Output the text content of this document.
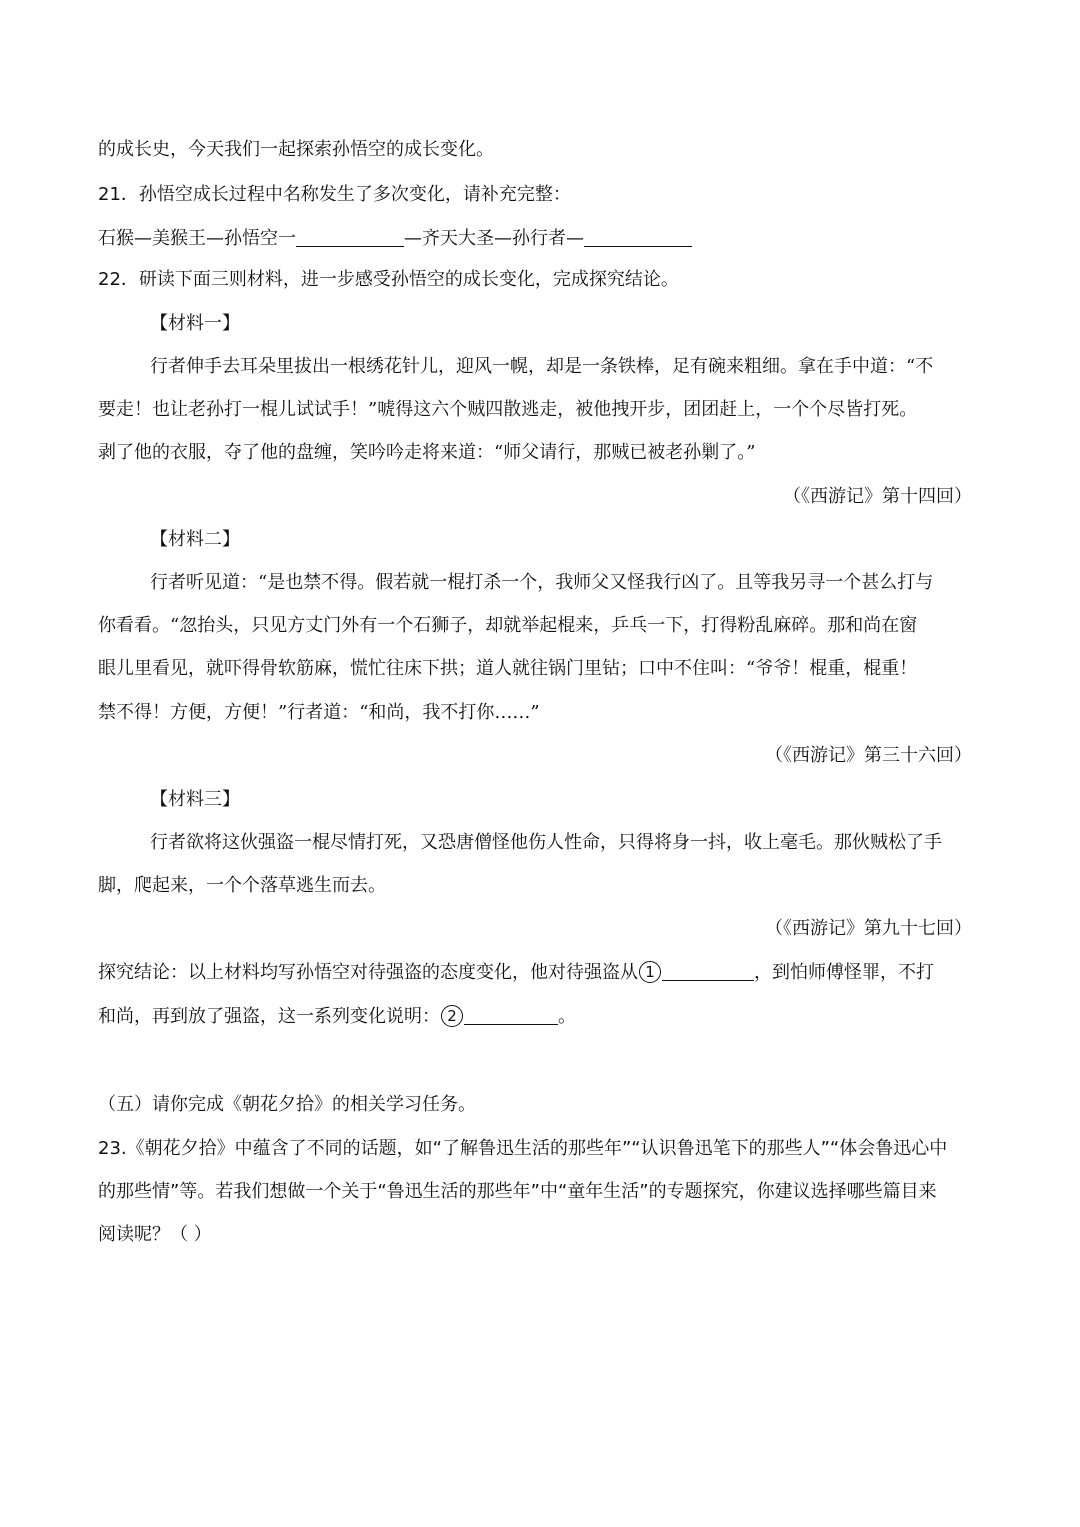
的成长史，今天我们一起探索孙悟空的成长变化。
21．孙悟空成长过程中名称发生了多次变化，请补充完整：
石猴—美猴王—孙悟空一	—齐天大圣—孙行者—
22．研读下面三则材料，进一步感受孙悟空的成长变化，完成探究结论。
【材料一】
行者伸手去耳朵里拔出一根绣花针儿，迎风一幌，却是一条铁棒，足有碗来粗细。拿在手中道：“不
要走！也让老孙打一棍儿试试手！”唬得这六个贼四散逃走，被他拽开步，团团赶上，一个个尽皆打死。
剥了他的衣服，夺了他的盘缠，笑吟吟走将来道：“师父请行，那贼已被老孙剿了。”
（《西游记》第十四回）
【材料二】
行者听见道：“是也禁不得。假若就一棍打杀一个，我师父又怪我行凶了。且等我另寻一个甚么打与
你看看。“忽抬头，只见方丈门外有一个石狮子，却就举起棍来，乒乓一下，打得粉乱麻碎。那和尚在窗
眼儿里看见，就吓得骨软筋麻，慌忙往床下拱；道人就往锅门里钻；口中不住叫：“爷爷！棍重，棍重！
禁不得！方便，方便！”行者道：“和尚，我不打你……”
（《西游记》第三十六回）
【材料三】
行者欲将这伙强盗一棍尽情打死，又恐唐僧怪他伤人性命，只得将身一抖，收上毫毛。那伙贼松了手
脚，爬起来，一个个落草逃生而去。
（《西游记》第九十七回）
探究结论：以上材料均写孙悟空对待强盗的态度变化，他对待强盗从 1	，到怕师傅怪罪，不打
和尚，再到放了强盗，这一系列变化说明： 2	。
（五）请你完成《朝花夕拾》的相关学习任务。
23.《朝花夕拾》中蕴含了不同的话题，如“了解鲁迅生活的那些年”“认识鲁迅笔下的那些人”“体会鲁迅心中
的那些情”等。若我们想做一个关于“鲁迅生活的那些年”中“童年生活”的专题探究，你建议选择哪些篇目来
阅读呢？（ ）
